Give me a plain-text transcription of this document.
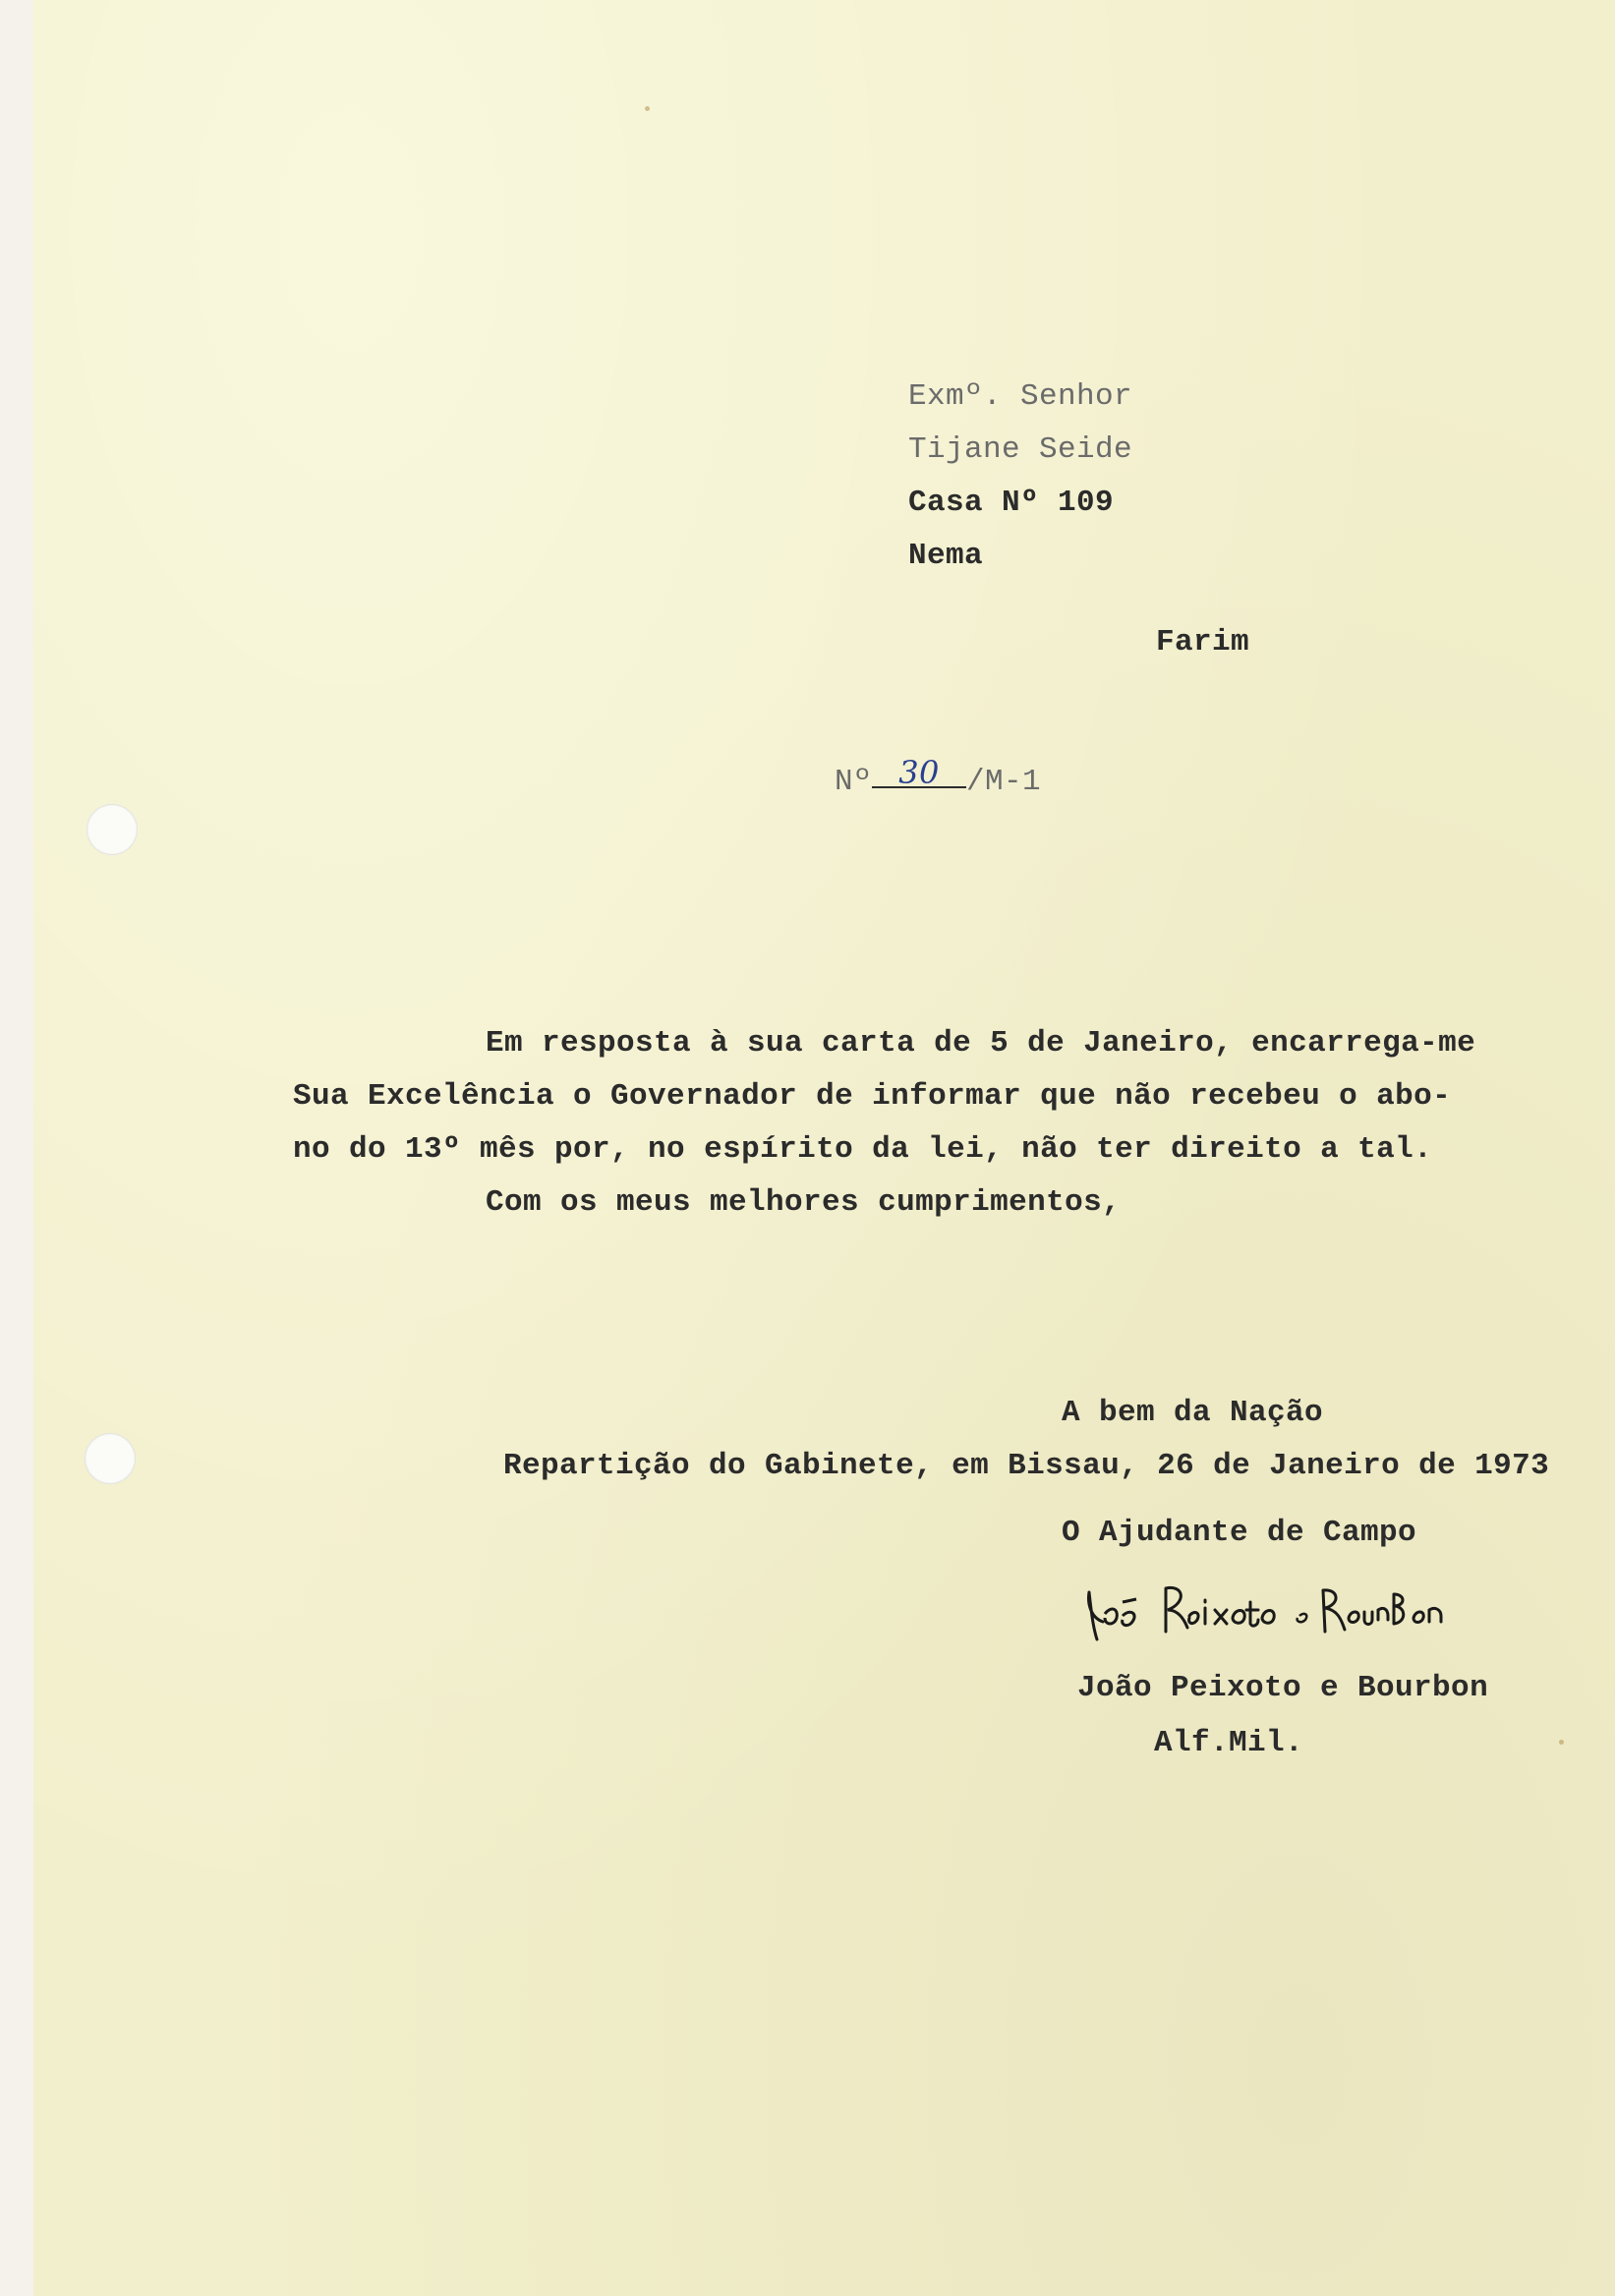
Exmº. Senhor
Tijane Seide
Casa Nº 109
Nema
Farim
Nº 30 /M-1
Em resposta à sua carta de 5 de Janeiro, encarrega-me
Sua Excelência o Governador de informar que não recebeu o abo-
no do 13º mês por, no espírito da lei, não ter direito a tal.
Com os meus melhores cumprimentos,
A bem da Nação
Repartição do Gabinete, em Bissau, 26 de Janeiro de 1973
O Ajudante de Campo
João Peixoto e Bourbon
Alf.Mil.
